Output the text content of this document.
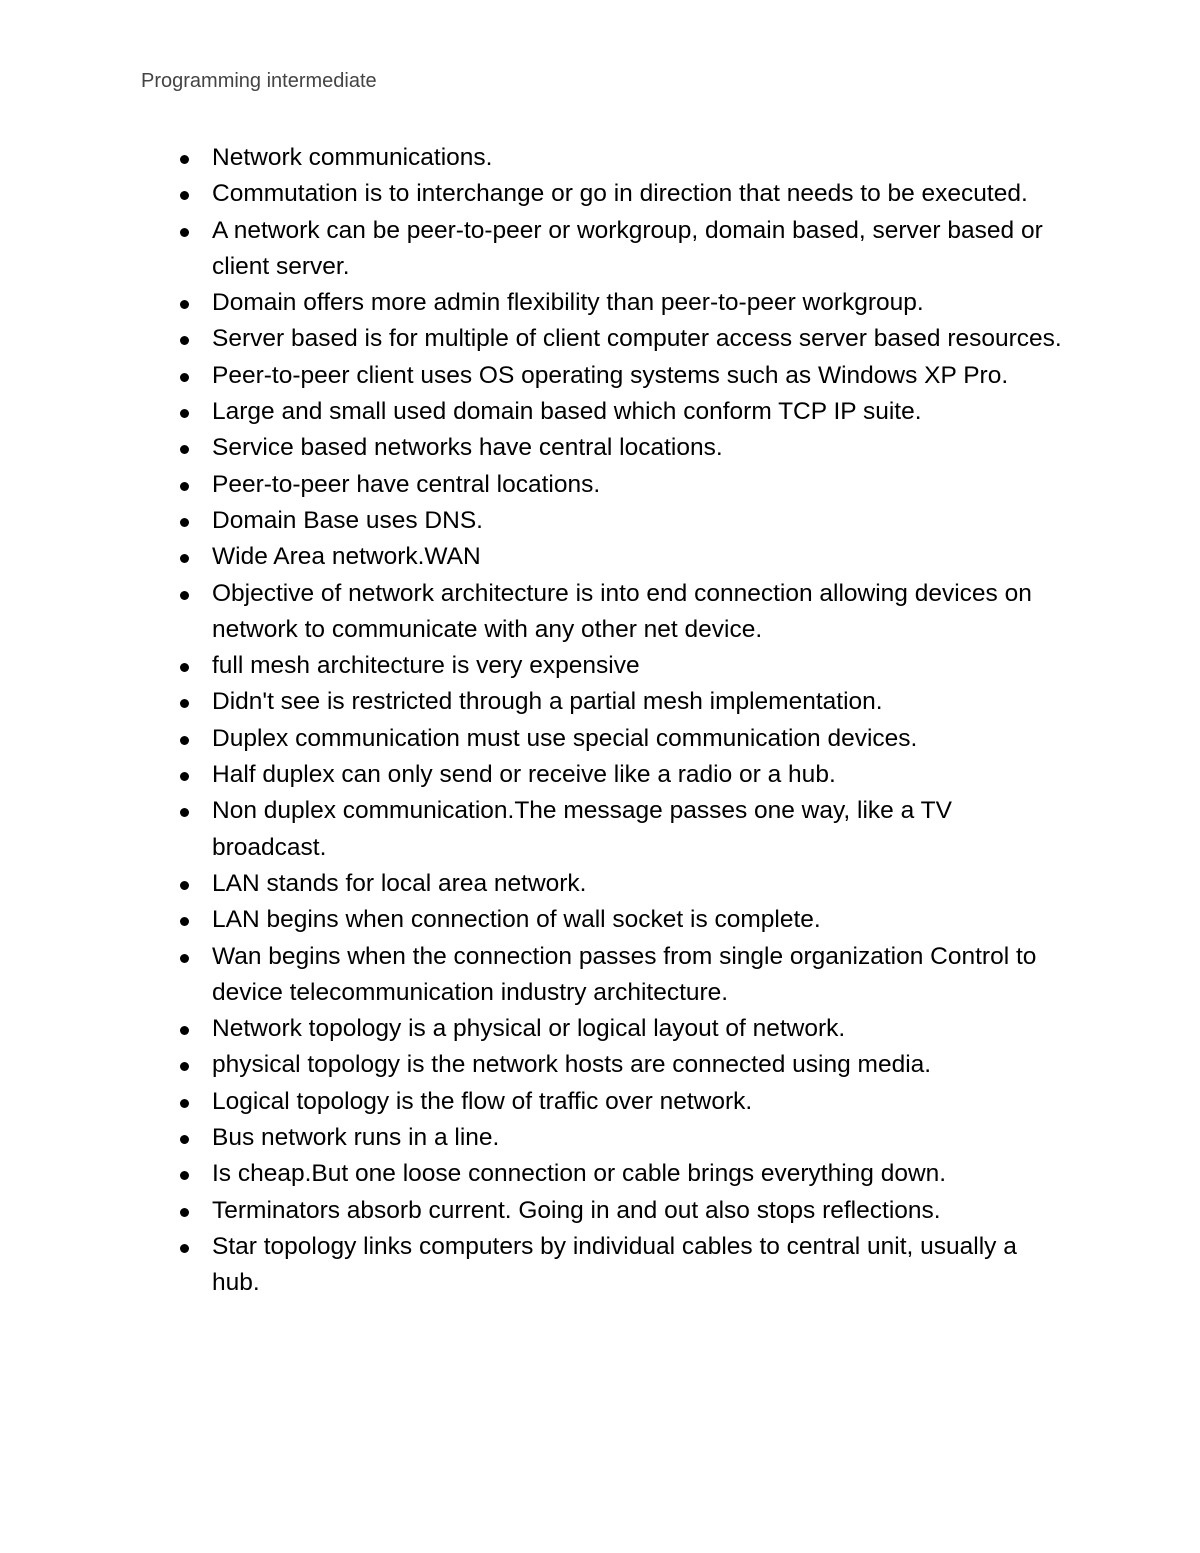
Programming intermediate
Network communications.
Commutation is to interchange or go in direction that needs to be executed.
A network can be peer-to-peer or workgroup, domain based, server based or client server.
Domain offers more admin flexibility than peer-to-peer workgroup.
Server based is for multiple of client computer access server based resources.
Peer-to-peer client uses OS operating systems such as Windows XP Pro.
Large and small used domain based which conform TCP IP suite.
Service based networks have central locations.
Peer-to-peer have central locations.
Domain Base uses DNS.
Wide Area network.WAN
Objective of network architecture is into end connection allowing devices on network to communicate with any other net device.
full mesh architecture is very expensive
Didn't see is restricted through a partial mesh implementation.
Duplex communication must use special communication devices.
Half duplex can only send or receive like a radio or a hub.
Non duplex communication.The message passes one way, like a TV broadcast.
LAN stands for local area network.
LAN begins when connection of wall socket is complete.
Wan begins when the connection passes from single organization Control to device telecommunication industry architecture.
Network topology is a physical or logical layout of network.
physical topology is the network hosts are connected using media.
Logical topology is the flow of traffic over network.
Bus network runs in a line.
Is cheap.But one loose connection or cable brings everything down.
Terminators absorb current. Going in and out also stops reflections.
Star topology links computers by individual cables to central unit, usually a hub.
